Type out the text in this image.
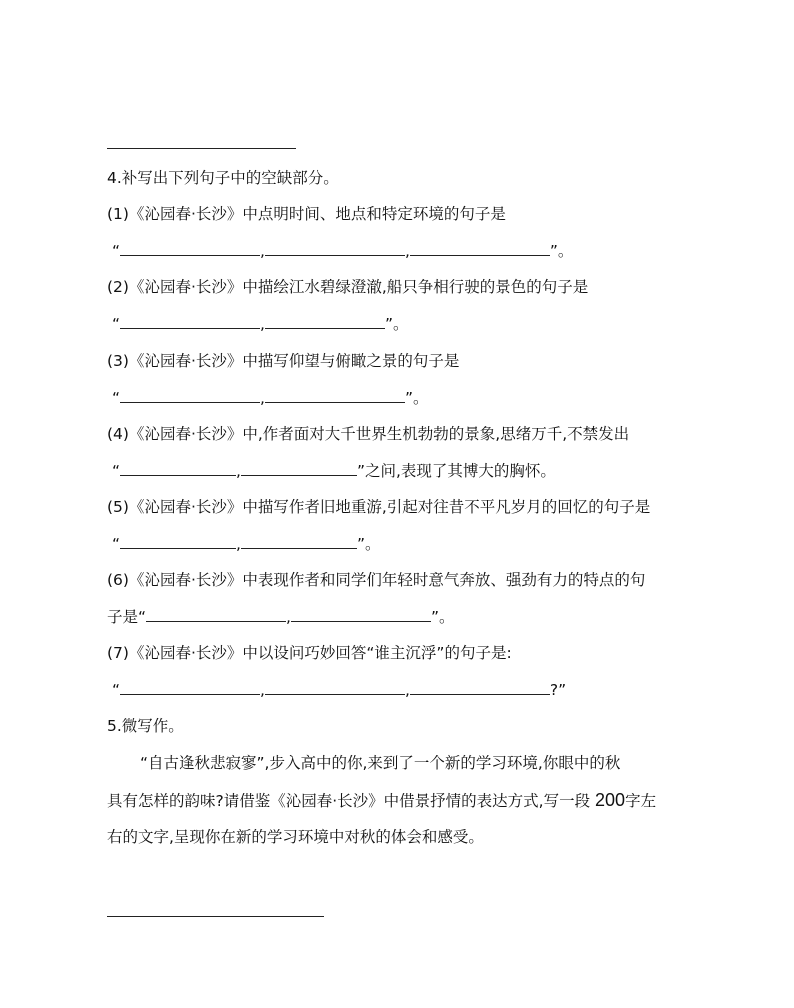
4.补写出下列句子中的空缺部分。
(1)《沁园春·长沙》中点明时间、地点和特定环境的句子是
“	,	,	”。
(2)《沁园春·长沙》中描绘江水碧绿澄澈,船只争相行驶的景色的句子是
“	,	”。
(3)《沁园春·长沙》中描写仰望与俯瞰之景的句子是
“	,	”。
(4)《沁园春·长沙》中,作者面对大千世界生机勃勃的景象,思绪万千,不禁发出
“	,	”之问,表现了其博大的胸怀。
(5)《沁园春·长沙》中描写作者旧地重游,引起对往昔不平凡岁月的回忆的句子是
“	,	”。
(6)《沁园春·长沙》中表现作者和同学们年轻时意气奔放、强劲有力的特点的句
子是“	,	”。
(7)《沁园春·长沙》中以设问巧妙回答“谁主沉浮”的句子是:
“	,	,	?”
5.微写作。
“自古逢秋悲寂寥”,步入高中的你,来到了一个新的学习环境,你眼中的秋
具有怎样的韵味?请借鉴《沁园春·长沙》中借景抒情的表达方式,写一段 200字左
右的文字,呈现你在新的学习环境中对秋的体会和感受。
